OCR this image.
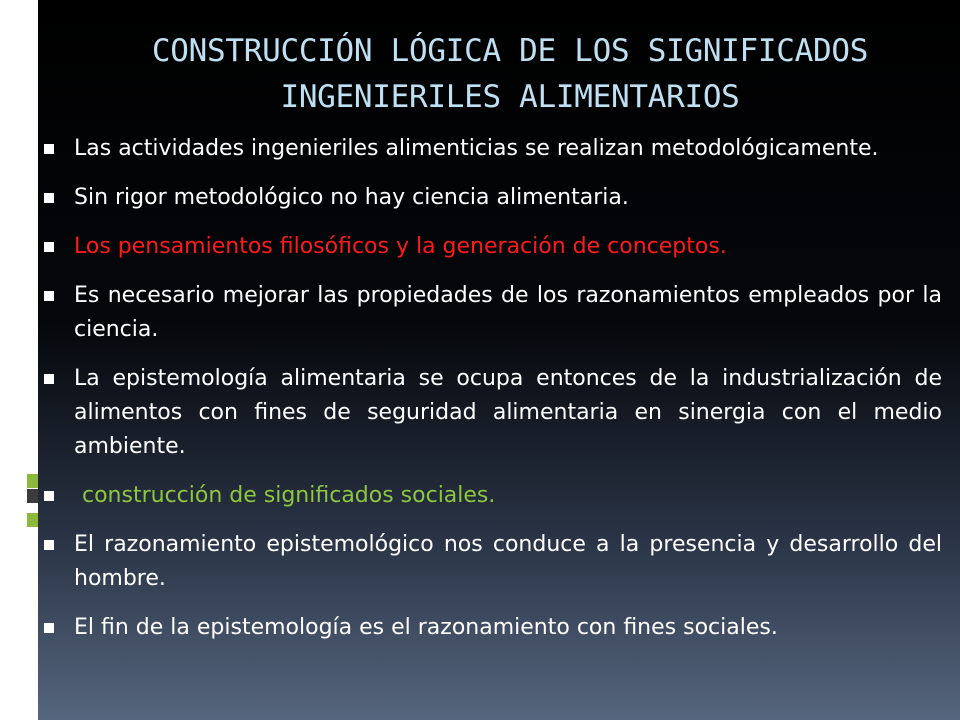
CONSTRUCCIÓN LÓGICA DE LOS SIGNIFICADOS
INGENIERILES ALIMENTARIOS
Las actividades ingenieriles alimenticias se realizan metodológicamente.
Sin rigor metodológico no hay ciencia alimentaria.
Los pensamientos filosóficos y la generación de conceptos.
Es necesario mejorar las propiedades de los razonamientos empleados por la ciencia.
La epistemología alimentaria se ocupa entonces de la industrialización de alimentos con fines de seguridad alimentaria en sinergia con el medio ambiente.
construcción de significados sociales.
El razonamiento epistemológico nos conduce a la presencia y desarrollo del hombre.
El fin de la epistemología es el razonamiento con fines sociales.
